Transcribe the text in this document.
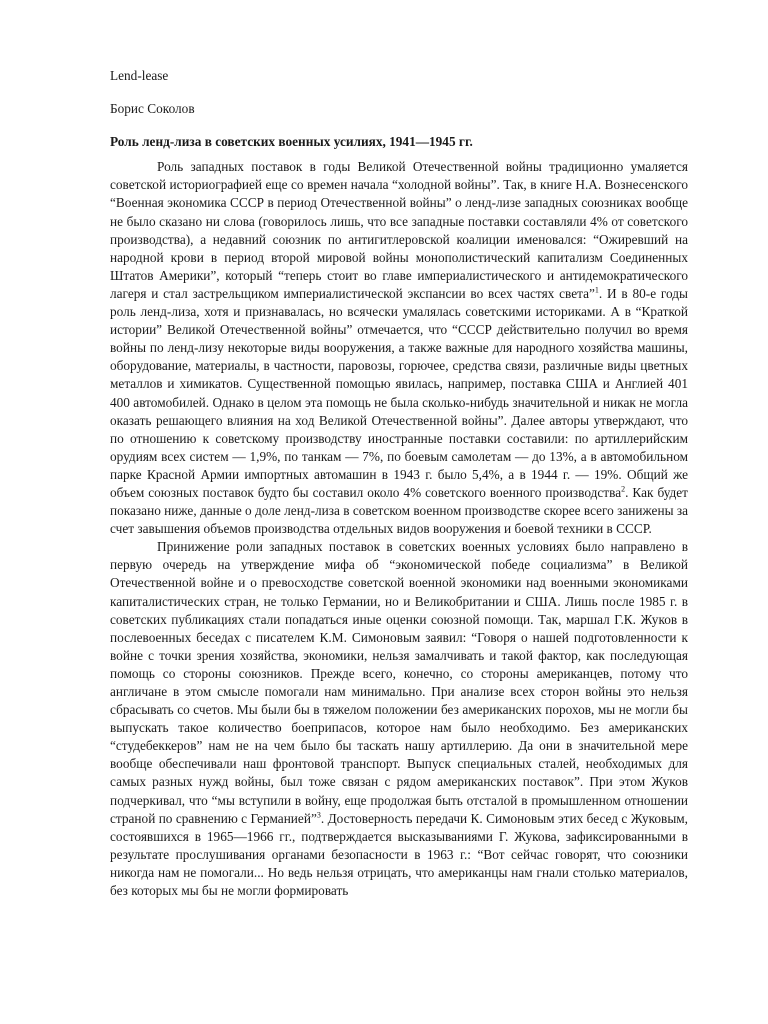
Lend-lease

Борис Соколов

Роль ленд-лиза в советских военных усилиях, 1941—1945 гг.

Роль западных поставок в годы Великой Отечественной войны традиционно умаляется советской историографией еще со времен начала “холодной войны”. Так, в книге Н.А. Вознесенского “Военная экономика СССР в период Отечественной войны” о ленд-лизе западных союзниках вообще не было сказано ни слова (говорилось лишь, что все западные поставки составляли 4% от советского производства), а недавний союзник по антигитлеровской коалиции именовался: “Ожиревший на народной крови в период второй мировой войны монополистический капитализм Соединенных Штатов Америки”, который “теперь стоит во главе империалистического и антидемократического лагеря и стал застрельщиком империалистической экспансии во всех частях света”$^1$. И в 80-е годы роль ленд-лиза, хотя и признавалась, но всячески умалялась советскими историками. А в “Краткой истории” Великой Отечественной войны” отмечается, что “СССР действительно получил во время войны по ленд-лизу некоторые виды вооружения, а также важные для народного хозяйства машины, оборудование, материалы, в частности, паровозы, горючее, средства связи, различные виды цветных металлов и химикатов. Существенной помощью явилась, например, поставка США и Англией 401 400 автомобилей. Однако в целом эта помощь не была сколько-нибудь значительной и никак не могла оказать решающего влияния на ход Великой Отечественной войны”. Далее авторы утверждают, что по отношению к советскому производству иностранные поставки составили: по артиллерийским орудиям всех систем — 1,9%, по танкам — 7%, по боевым самолетам — до 13%, а в автомобильном парке Красной Армии импортных автомашин в 1943 г. было 5,4%, а в 1944 г. — 19%. Общий же объем союзных поставок будто бы составил около 4% советского военного производства$^2$. Как будет показано ниже, данные о доле ленд-лиза в советском военном производстве скорее всего занижены за счет завышения объемов производства отдельных видов вооружения и боевой техники в СССР.

Принижение роли западных поставок в советских военных условиях было направлено в первую очередь на утверждение мифа об “экономической победе социализма” в Великой Отечественной войне и о превосходстве советской военной экономики над военными экономиками капиталистических стран, не только Германии, но и Великобритании и США. Лишь после 1985 г. в советских публикациях стали попадаться иные оценки союзной помощи. Так, маршал Г.К. Жуков в послевоенных беседах с писателем К.М. Симоновым заявил: “Говоря о нашей подготовленности к войне с точки зрения хозяйства, экономики, нельзя замалчивать и такой фактор, как последующая помощь со стороны союзников. Прежде всего, конечно, со стороны американцев, потому что англичане в этом смысле помогали нам минимально. При анализе всех сторон войны это нельзя сбрасывать со счетов. Мы были бы в тяжелом положении без американских порохов, мы не могли бы выпускать такое количество боеприпасов, которое нам было необходимо. Без американских “студебеккеров” нам не на чем было бы таскать нашу артиллерию. Да они в значительной мере вообще обеспечивали наш фронтовой транспорт. Выпуск специальных сталей, необходимых для самых разных нужд войны, был тоже связан с рядом американских поставок”. При этом Жуков подчеркивал, что “мы вступили в войну, еще продолжая быть отсталой в промышленном отношении страной по сравнению с Германией”$^3$. Достоверность передачи К. Симоновым этих бесед с Жуковым, состоявшихся в 1965—1966 гг., подтверждается высказываниями Г. Жукова, зафиксированными в результате прослушивания органами безопасности в 1963 г.: “Вот сейчас говорят, что союзники никогда нам не помогали... Но ведь нельзя отрицать, что американцы нам гнали столько материалов, без которых мы бы не могли формировать
